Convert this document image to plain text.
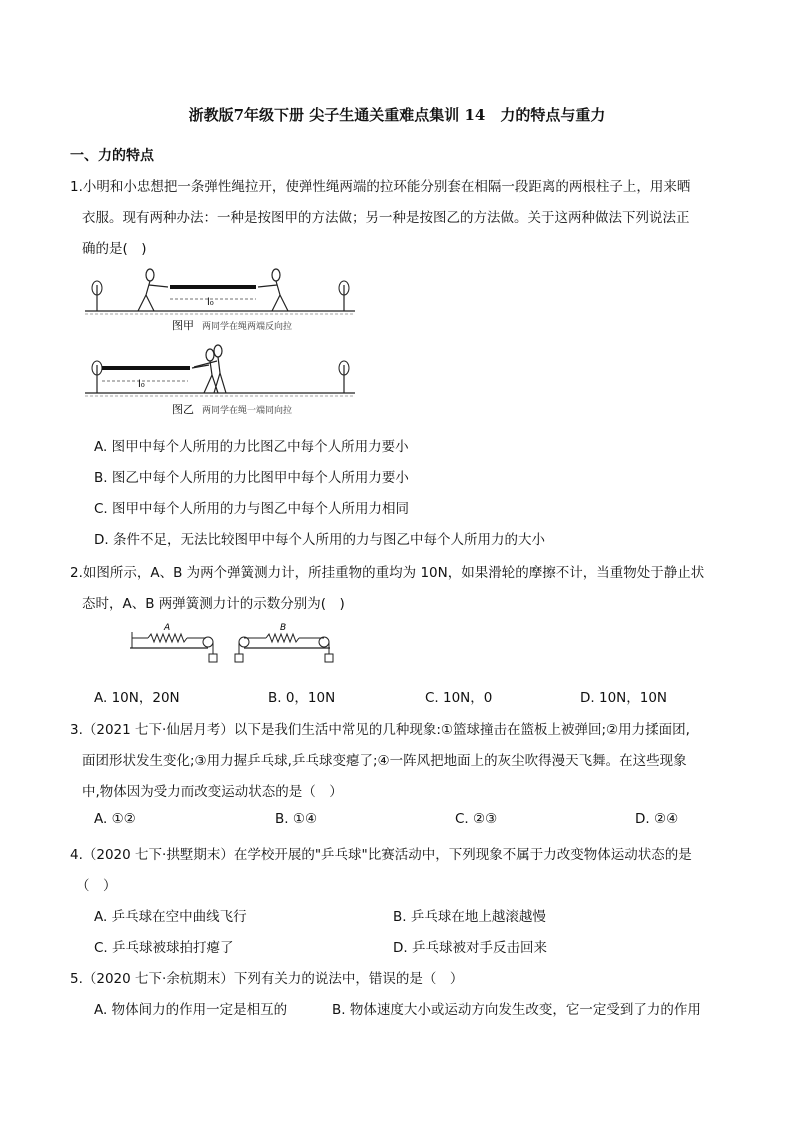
浙教版7年级下册 尖子生通关重难点集训 14　力的特点与重力
一、力的特点
1.小明和小忠想把一条弹性绳拉开，使弹性绳两端的拉环能分别套在相隔一段距离的两根柱子上，用来晒
衣服。现有两种办法：一种是按图甲的方法做；另一种是按图乙的方法做。关于这两种做法下列说法正
确的是(　)
l₀
图甲 两同学在绳两端反向拉
l₀
图乙 两同学在绳一端同向拉
A. 图甲中每个人所用的力比图乙中每个人所用力要小
B. 图乙中每个人所用的力比图甲中每个人所用力要小
C. 图甲中每个人所用的力与图乙中每个人所用力相同
D. 条件不足，无法比较图甲中每个人所用的力与图乙中每个人所用力的大小
2.如图所示，A、B 为两个弹簧测力计，所挂重物的重均为 10N，如果滑轮的摩擦不计，当重物处于静止状
态时，A、B 两弹簧测力计的示数分别为(　)
A	B
A. 10N，20N	B. 0，10N	C. 10N，0	D. 10N，10N
3.（2021 七下·仙居月考）以下是我们生活中常见的几种现象:①篮球撞击在篮板上被弹回;②用力揉面团,
面团形状发生变化;③用力握乒乓球,乒乓球变瘪了;④一阵风把地面上的灰尘吹得漫天飞舞。在这些现象
中,物体因为受力而改变运动状态的是（　）
A. ①②	B. ①④	C. ②③	D. ②④
4.（2020 七下·拱墅期末）在学校开展的"乒乓球"比赛活动中，下列现象不属于力改变物体运动状态的是
（　）
A. 乒乓球在空中曲线飞行	B. 乒乓球在地上越滚越慢
C. 乒乓球被球拍打瘪了	D. 乒乓球被对手反击回来
5.（2020 七下·余杭期末）下列有关力的说法中，错误的是（　）
A. 物体间力的作用一定是相互的	B. 物体速度大小或运动方向发生改变，它一定受到了力的作用
